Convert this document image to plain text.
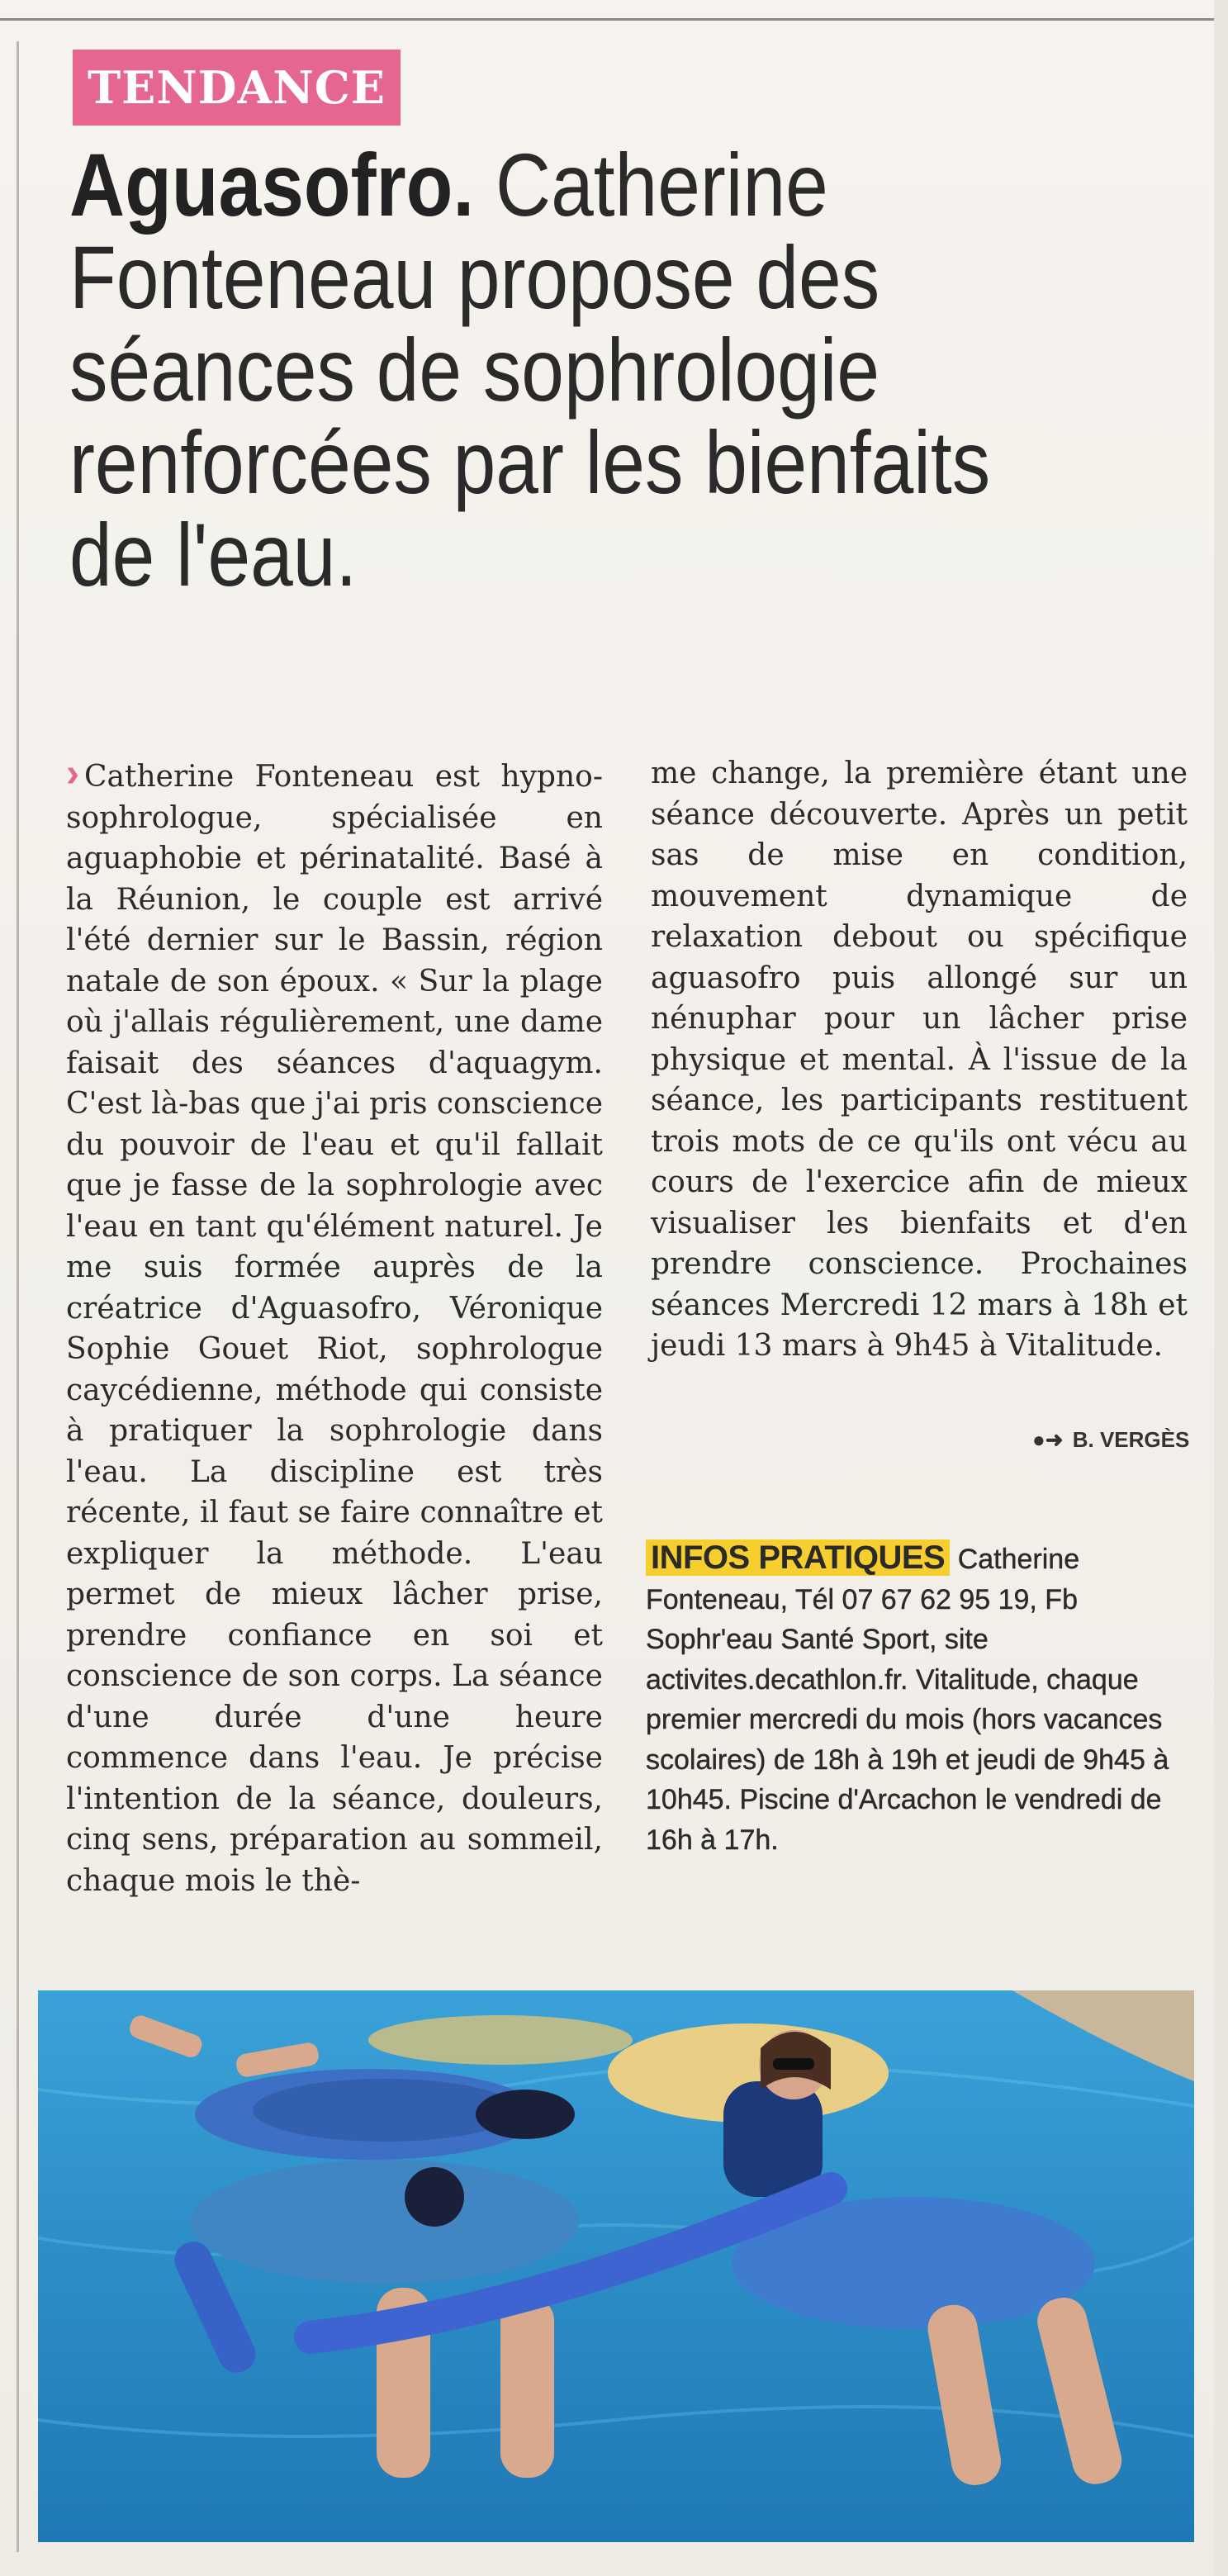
TENDANCE
Aguasofro. Catherine
Fonteneau propose des
séances de sophrologie
renforcées par les bienfaits
de l'eau.

› Catherine Fonteneau est hypno-sophrologue, spécialisée en aguaphobie et périnatalité. Basé à la Réunion, le couple est arrivé l'été dernier sur le Bassin, région natale de son époux. « Sur la plage où j'allais régulièrement, une dame faisait des séances d'aquagym. C'est là-bas que j'ai pris conscience du pouvoir de l'eau et qu'il fallait que je fasse de la sophrologie avec l'eau en tant qu'élément naturel. Je me suis formée auprès de la créatrice d'Aguasofro, Véronique Sophie Gouet Riot, sophrologue caycédienne, méthode qui consiste à pratiquer la sophrologie dans l'eau. La discipline est très récente, il faut se faire connaître et expliquer la méthode. L'eau permet de mieux lâcher prise, prendre confiance en soi et conscience de son corps. La séance d'une durée d'une heure commence dans l'eau. Je précise l'intention de la séance, douleurs, cinq sens, préparation au sommeil, chaque mois le thè-

me change, la première étant une séance découverte. Après un petit sas de mise en condition, mouvement dynamique de relaxation debout ou spécifique aguasofro puis allongé sur un nénuphar pour un lâcher prise physique et mental. À l'issue de la séance, les participants restituent trois mots de ce qu'ils ont vécu au cours de l'exercice afin de mieux visualiser les bienfaits et d'en prendre conscience. Prochaines séances Mercredi 12 mars à 18h et jeudi 13 mars à 9h45 à Vitalitude.

●➜ B. VERGÈS
INFOS PRATIQUES Catherine Fonteneau, Tél 07 67 62 95 19, Fb Sophr'eau Santé Sport, site activites.decathlon.fr. Vitalitude, chaque premier mercredi du mois (hors vacances scolaires) de 18h à 19h et jeudi de 9h45 à 10h45. Piscine d'Arcachon le vendredi de 16h à 17h.
